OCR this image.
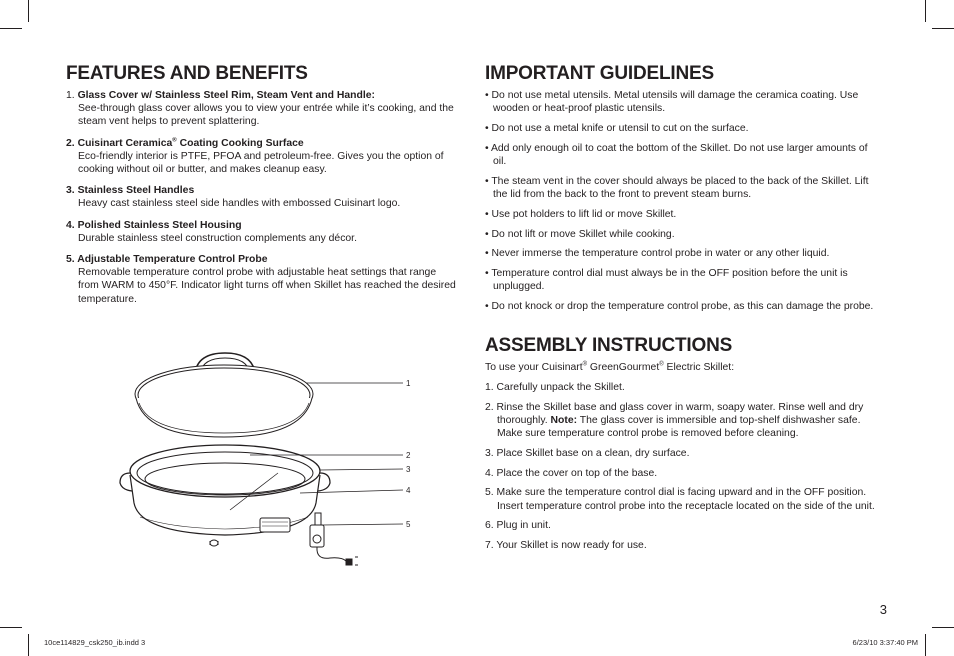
FEATURES AND BENEFITS
1. Glass Cover w/ Stainless Steel Rim, Steam Vent and Handle:
See-through glass cover allows you to view your entrée while it’s cooking, and the steam vent helps to prevent splattering.
2. Cuisinart Ceramica® Coating Cooking Surface
Eco-friendly interior is PTFE, PFOA and petroleum-free. Gives you the option of cooking without oil or butter, and makes cleanup easy.
3. Stainless Steel Handles
Heavy cast stainless steel side handles with embossed Cuisinart logo.
4. Polished Stainless Steel Housing
Durable stainless steel construction complements any décor.
5. Adjustable Temperature Control Probe
Removable temperature control probe with adjustable heat settings that range from WARM to 450°F. Indicator light turns off when Skillet has reached the desired temperature.
1
2
3
4
5
IMPORTANT GUIDELINES
• Do not use metal utensils. Metal utensils will damage the ceramica coating. Use wooden or heat-proof plastic utensils.
• Do not use a metal knife or utensil to cut on the surface.
• Add only enough oil to coat the bottom of the Skillet. Do not use larger amounts of oil.
• The steam vent in the cover should always be placed to the back of the Skillet. Lift the lid from the back to the front to prevent steam burns.
• Use pot holders to lift lid or move Skillet.
• Do not lift or move Skillet while cooking.
• Never immerse the temperature control probe in water or any other liquid.
• Temperature control dial must always be in the OFF position before the unit is unplugged.
• Do not knock or drop the temperature control probe, as this can damage the probe.
ASSEMBLY INSTRUCTIONS
To use your Cuisinart® GreenGourmet® Electric Skillet:
1. Carefully unpack the Skillet.
2. Rinse the Skillet base and glass cover in warm, soapy water. Rinse well and dry thoroughly. Note: The glass cover is immersible and top-shelf dishwasher safe. Make sure temperature control probe is removed before cleaning.
3. Place Skillet base on a clean, dry surface.
4. Place the cover on top of the base.
5. Make sure the temperature control dial is facing upward and in the OFF position. Insert temperature control probe into the receptacle located on the side of the unit.
6. Plug in unit.
7. Your Skillet is now ready for use.
3
10ce114829_csk250_ib.indd 3	6/23/10 3:37:40 PM
